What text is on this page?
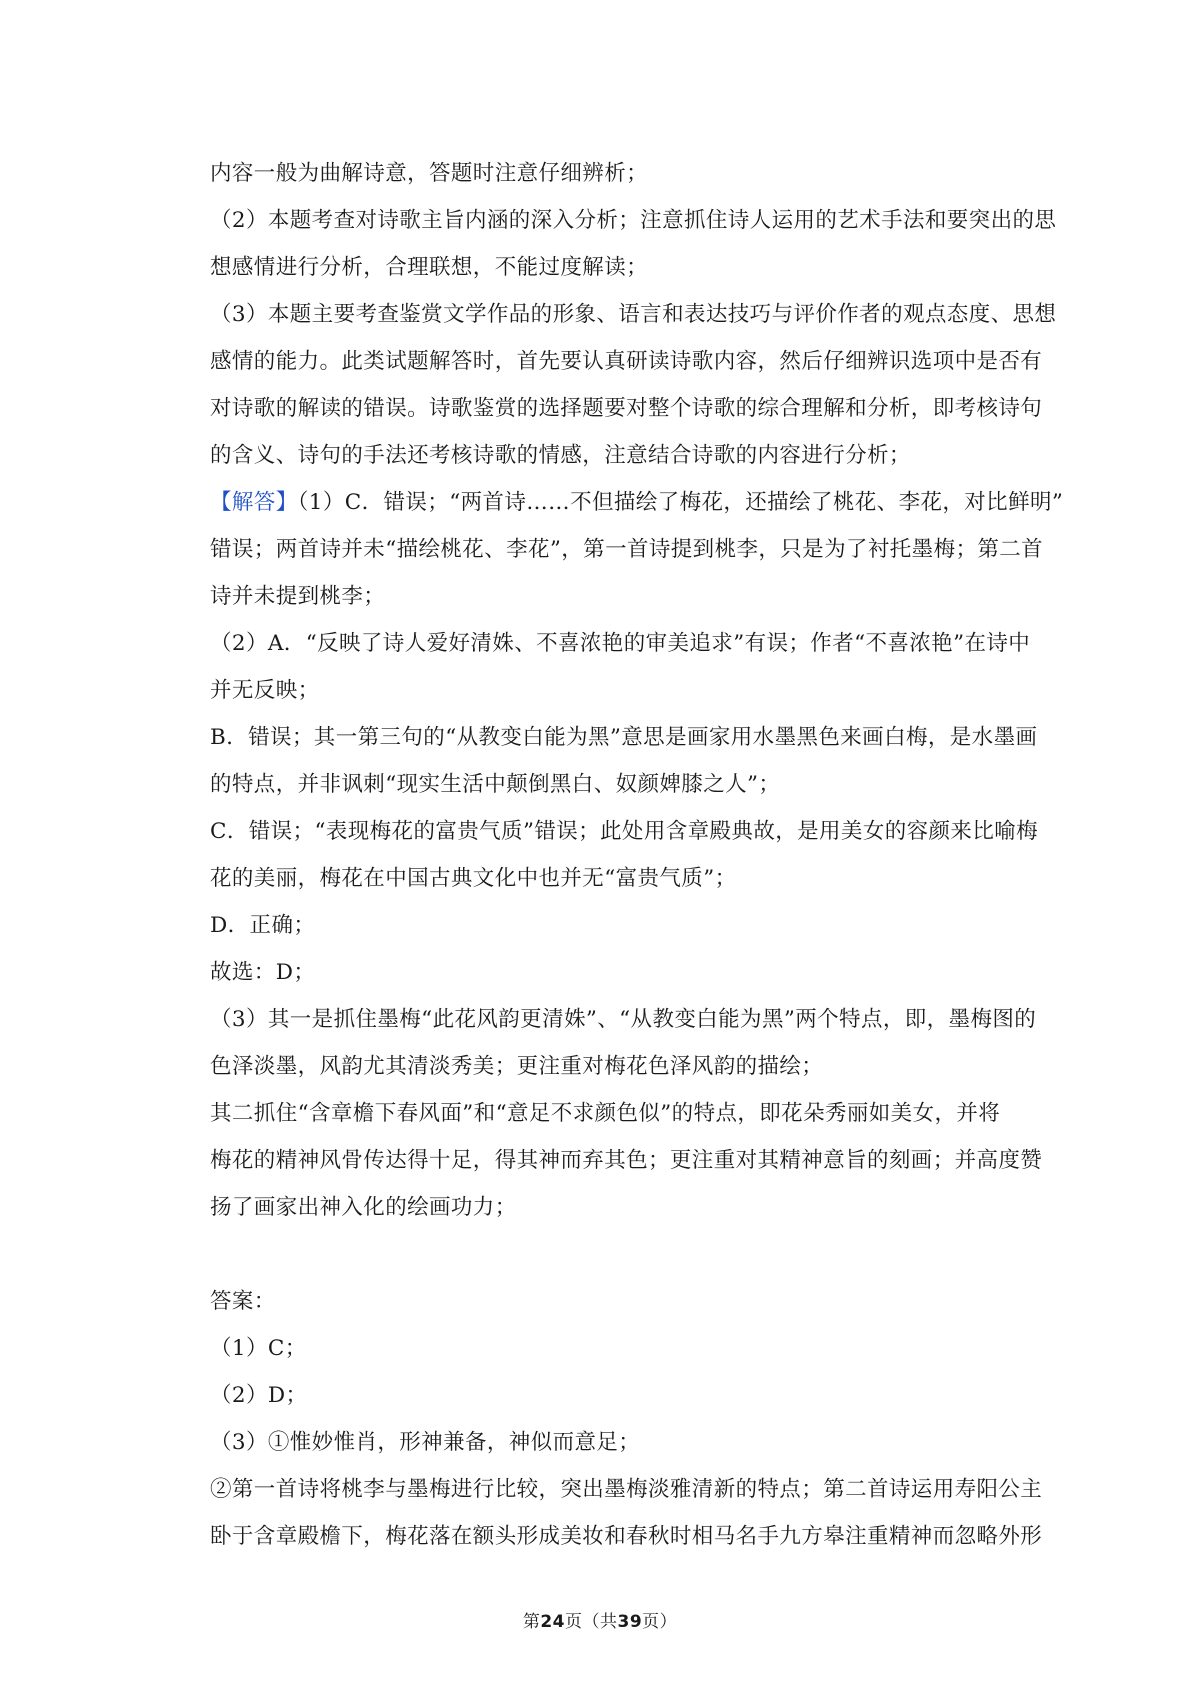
内容一般为曲解诗意，答题时注意仔细辨析；
（2）本题考查对诗歌主旨内涵的深入分析；注意抓住诗人运用的艺术手法和要突出的思
想感情进行分析，合理联想，不能过度解读；
（3）本题主要考查鉴赏文学作品的形象、语言和表达技巧与评价作者的观点态度、思想
感情的能力。此类试题解答时，首先要认真研读诗歌内容，然后仔细辨识选项中是否有
对诗歌的解读的错误。诗歌鉴赏的选择题要对整个诗歌的综合理解和分析，即考核诗句
的含义、诗句的手法还考核诗歌的情感，注意结合诗歌的内容进行分析；
【解答】（1）C．错误；“两首诗……不但描绘了梅花，还描绘了桃花、李花，对比鲜明”
错误；两首诗并未“描绘桃花、李花”，第一首诗提到桃李，只是为了衬托墨梅；第二首
诗并未提到桃李；
（2）A．“反映了诗人爱好清姝、不喜浓艳的审美追求”有误；作者“不喜浓艳”在诗中
并无反映；
B．错误；其一第三句的“从教变白能为黑”意思是画家用水墨黑色来画白梅，是水墨画
的特点，并非讽刺“现实生活中颠倒黑白、奴颜婢膝之人”；
C．错误；“表现梅花的富贵气质”错误；此处用含章殿典故，是用美女的容颜来比喻梅
花的美丽，梅花在中国古典文化中也并无“富贵气质”；
D．正确；
故选：D；
（3）其一是抓住墨梅“此花风韵更清姝”、“从教变白能为黑”两个特点，即，墨梅图的
色泽淡墨，风韵尤其清淡秀美；更注重对梅花色泽风韵的描绘；
其二抓住“含章檐下春风面”和“意足不求颜色似”的特点，即花朵秀丽如美女，并将
梅花的精神风骨传达得十足，得其神而弃其色；更注重对其精神意旨的刻画；并高度赞
扬了画家出神入化的绘画功力；
答案：
（1）C；
（2）D；
（3）①惟妙惟肖，形神兼备，神似而意足；
②第一首诗将桃李与墨梅进行比较，突出墨梅淡雅清新的特点；第二首诗运用寿阳公主
卧于含章殿檐下，梅花落在额头形成美妆和春秋时相马名手九方皋注重精神而忽略外形
第24页（共39页）
